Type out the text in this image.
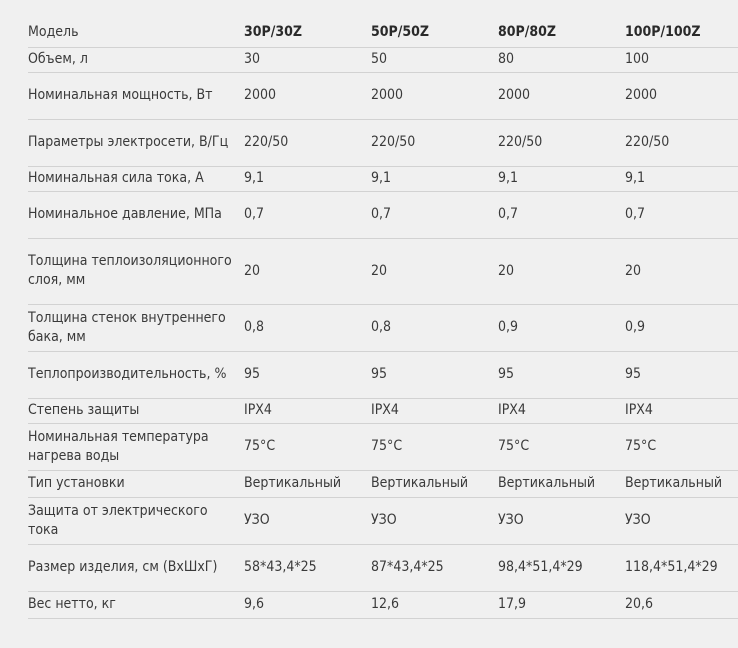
Модель	30P/30Z	50P/50Z	80P/80Z	100P/100Z
Объем, л	30	50	80	100
Номинальная мощность, Вт	2000	2000	2000	2000
Параметры электросети, В/Гц	220/50	220/50	220/50	220/50
Номинальная сила тока, А	9,1	9,1	9,1	9,1
Номинальное давление, МПа	0,7	0,7	0,7	0,7
Толщина теплоизоляционного слоя, мм	20	20	20	20
Толщина стенок внутреннего бака, мм	0,8	0,8	0,9	0,9
Теплопроизводительность, %	95	95	95	95
Степень защиты	IPX4	IPX4	IPX4	IPX4
Номинальная температура нагрева воды	75°С	75°С	75°С	75°С
Тип установки	Вертикальный	Вертикальный	Вертикальный	Вертикальный
Защита от электрического тока	УЗО	УЗО	УЗО	УЗО
Размер изделия, см (ВхШхГ)	58*43,4*25	87*43,4*25	98,4*51,4*29	118,4*51,4*29
Вес нетто, кг	9,6	12,6	17,9	20,6
